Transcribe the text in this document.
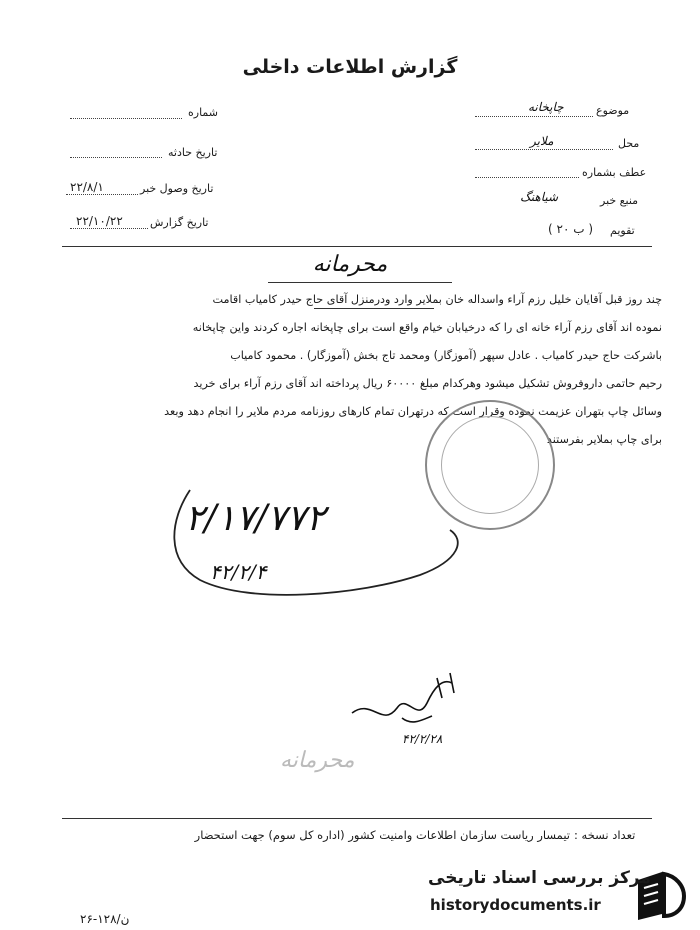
گزارش اطلاعات داخلی
شماره
تاریخ حادثه
تاریخ وصول خبر
۲۲/۸/۱
تاریخ گزارش
۲۲/۱۰/۲۲
موضوع
چاپخانه
محل
ملایر
عطف بشماره
منبع خبر
شیاهنگ
تقویم
( ب ۲۰ )
محرمانه
چند روز قبل آقایان خلیل رزم آراء واسداله خان بملایر وارد ودرمنزل آقای حاج حیدر کامیاب اقامت
نموده اند آقای رزم آراء خانه ای را که درخیابان خیام واقع است برای چاپخانه اجاره کردند واین چاپخانه
باشرکت حاج حیدر کامیاب . عادل سپهر (آموزگار) ومحمد تاج بخش (آموزگار) . محمود کامیاب
رحیم حاتمی داروفروش تشکیل میشود وهرکدام مبلغ ۶۰۰۰۰ ریال پرداخته اند آقای رزم آراء برای خرید
وسائل چاپ بتهران عزیمت نموده وقرار است که درتهران تمام کارهای روزنامه مردم ملایر را انجام دهد وبعد
برای چاپ بملایر بفرستند
۲/۱۷/۷۷۲
۴۲/۲/۴
۴۲/۲/۲۸
محرمانه
تعداد نسخه :
تیمسار ریاست سازمان اطلاعات وامنیت کشور (اداره کل سوم) جهت استحضار
۲۶-۱۲۸/ن
مرکز بررسی اسناد تاریخی
historydocuments.ir
